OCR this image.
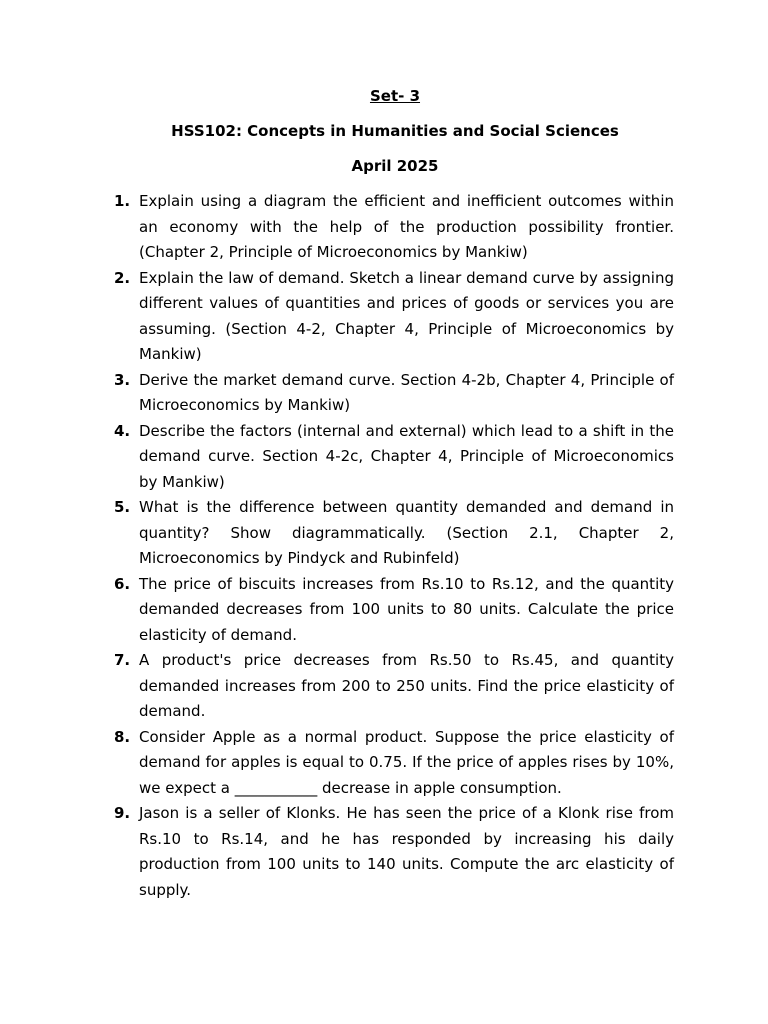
Set- 3
HSS102: Concepts in Humanities and Social Sciences
April 2025
1. Explain using a diagram the efficient and inefficient outcomes within an economy with the help of the production possibility frontier. (Chapter 2, Principle of Microeconomics by Mankiw)
2. Explain the law of demand. Sketch a linear demand curve by assigning different values of quantities and prices of goods or services you are assuming. (Section 4-2, Chapter 4, Principle of Microeconomics by Mankiw)
3. Derive the market demand curve. Section 4-2b, Chapter 4, Principle of Microeconomics by Mankiw)
4. Describe the factors (internal and external) which lead to a shift in the demand curve. Section 4-2c, Chapter 4, Principle of Microeconomics by Mankiw)
5. What is the difference between quantity demanded and demand in quantity? Show diagrammatically. (Section 2.1, Chapter 2, Microeconomics by Pindyck and Rubinfeld)
6. The price of biscuits increases from Rs.10 to Rs.12, and the quantity demanded decreases from 100 units to 80 units. Calculate the price elasticity of demand.
7. A product's price decreases from Rs.50 to Rs.45, and quantity demanded increases from 200 to 250 units. Find the price elasticity of demand.
8. Consider Apple as a normal product. Suppose the price elasticity of demand for apples is equal to 0.75. If the price of apples rises by 10%, we expect a ___________ decrease in apple consumption.
9. Jason is a seller of Klonks. He has seen the price of a Klonk rise from Rs.10 to Rs.14, and he has responded by increasing his daily production from 100 units to 140 units. Compute the arc elasticity of supply.
